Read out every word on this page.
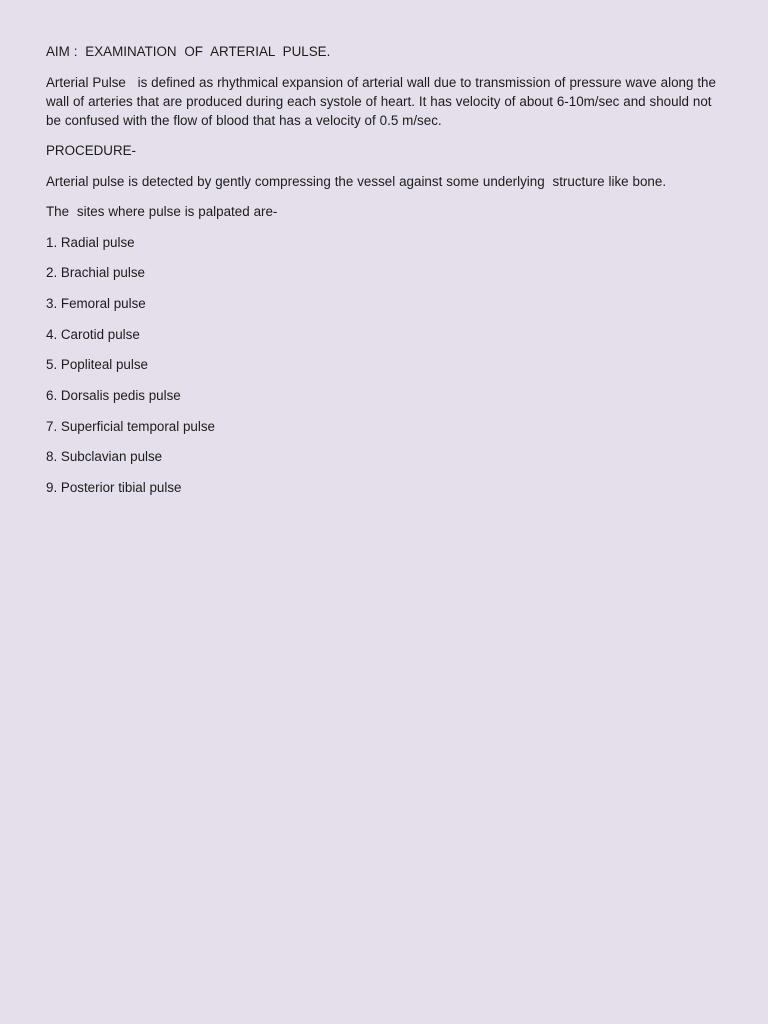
AIM :  EXAMINATION  OF  ARTERIAL  PULSE.

Arterial Pulse   is defined as rhythmical expansion of arterial wall due to transmission of pressure wave along the wall of arteries that are produced during each systole of heart. It has velocity of about 6-10m/sec and should not be confused with the flow of blood that has a velocity of 0.5 m/sec.

PROCEDURE-

Arterial pulse is detected by gently compressing the vessel against some underlying  structure like bone.

The  sites where pulse is palpated are-

1. Radial pulse
2. Brachial pulse
3. Femoral pulse
4. Carotid pulse
5. Popliteal pulse
6. Dorsalis pedis pulse
7. Superficial temporal pulse
8. Subclavian pulse
9. Posterior tibial pulse
